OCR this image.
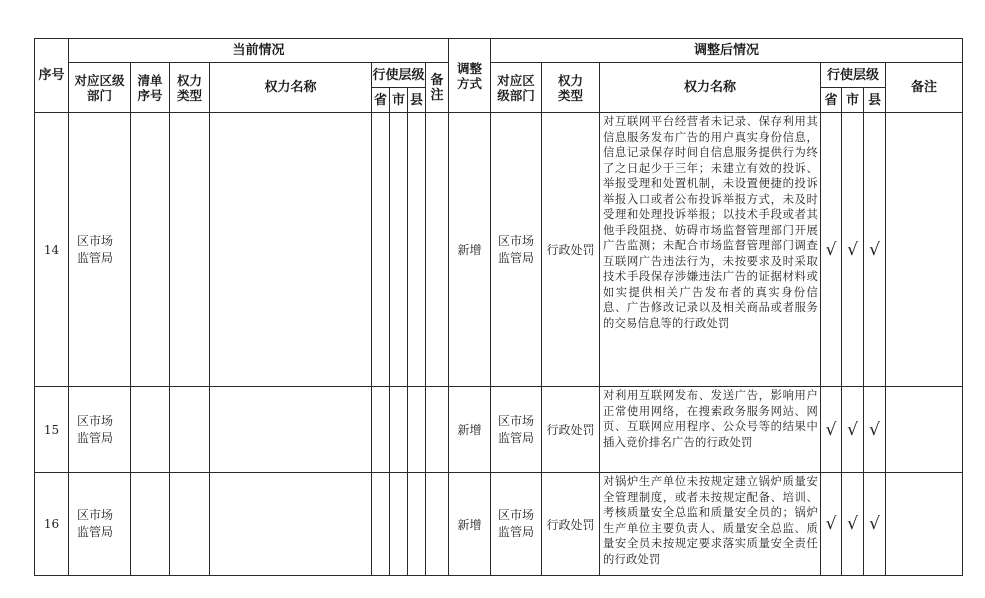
序号	当前情况								调整方式	调整后情况						
	对应区级部门	清单序号	权力类型	权力名称	行使层级			备注		对应区级部门	权力类型	权力名称	行使层级			备注
					省	市	县						省	市	县	
14	区市场监管局								新增	区市场监管局	行政处罚	对互联网平台经营者未记录、保存利用其信息服务发布广告的用户真实身份信息，信息记录保存时间自信息服务提供行为终了之日起少于三年；未建立有效的投诉、举报受理和处置机制，未设置便捷的投诉举报入口或者公布投诉举报方式，未及时受理和处理投诉举报；以技术手段或者其他手段阻挠、妨碍市场监督管理部门开展广告监测；未配合市场监督管理部门调查互联网广告违法行为，未按要求及时采取技术手段保存涉嫌违法广告的证据材料或如实提供相关广告发布者的真实身份信息、广告修改记录以及相关商品或者服务的交易信息等的行政处罚	√	√	√	
15	区市场监管局								新增	区市场监管局	行政处罚	对利用互联网发布、发送广告，影响用户正常使用网络，在搜索政务服务网站、网页、互联网应用程序、公众号等的结果中插入竞价排名广告的行政处罚	√	√	√	
16	区市场监管局								新增	区市场监管局	行政处罚	对锅炉生产单位未按规定建立锅炉质量安全管理制度，或者未按规定配备、培训、考核质量安全总监和质量安全员的；锅炉生产单位主要负责人、质量安全总监、质量安全员未按规定要求落实质量安全责任的行政处罚	√	√	√	
